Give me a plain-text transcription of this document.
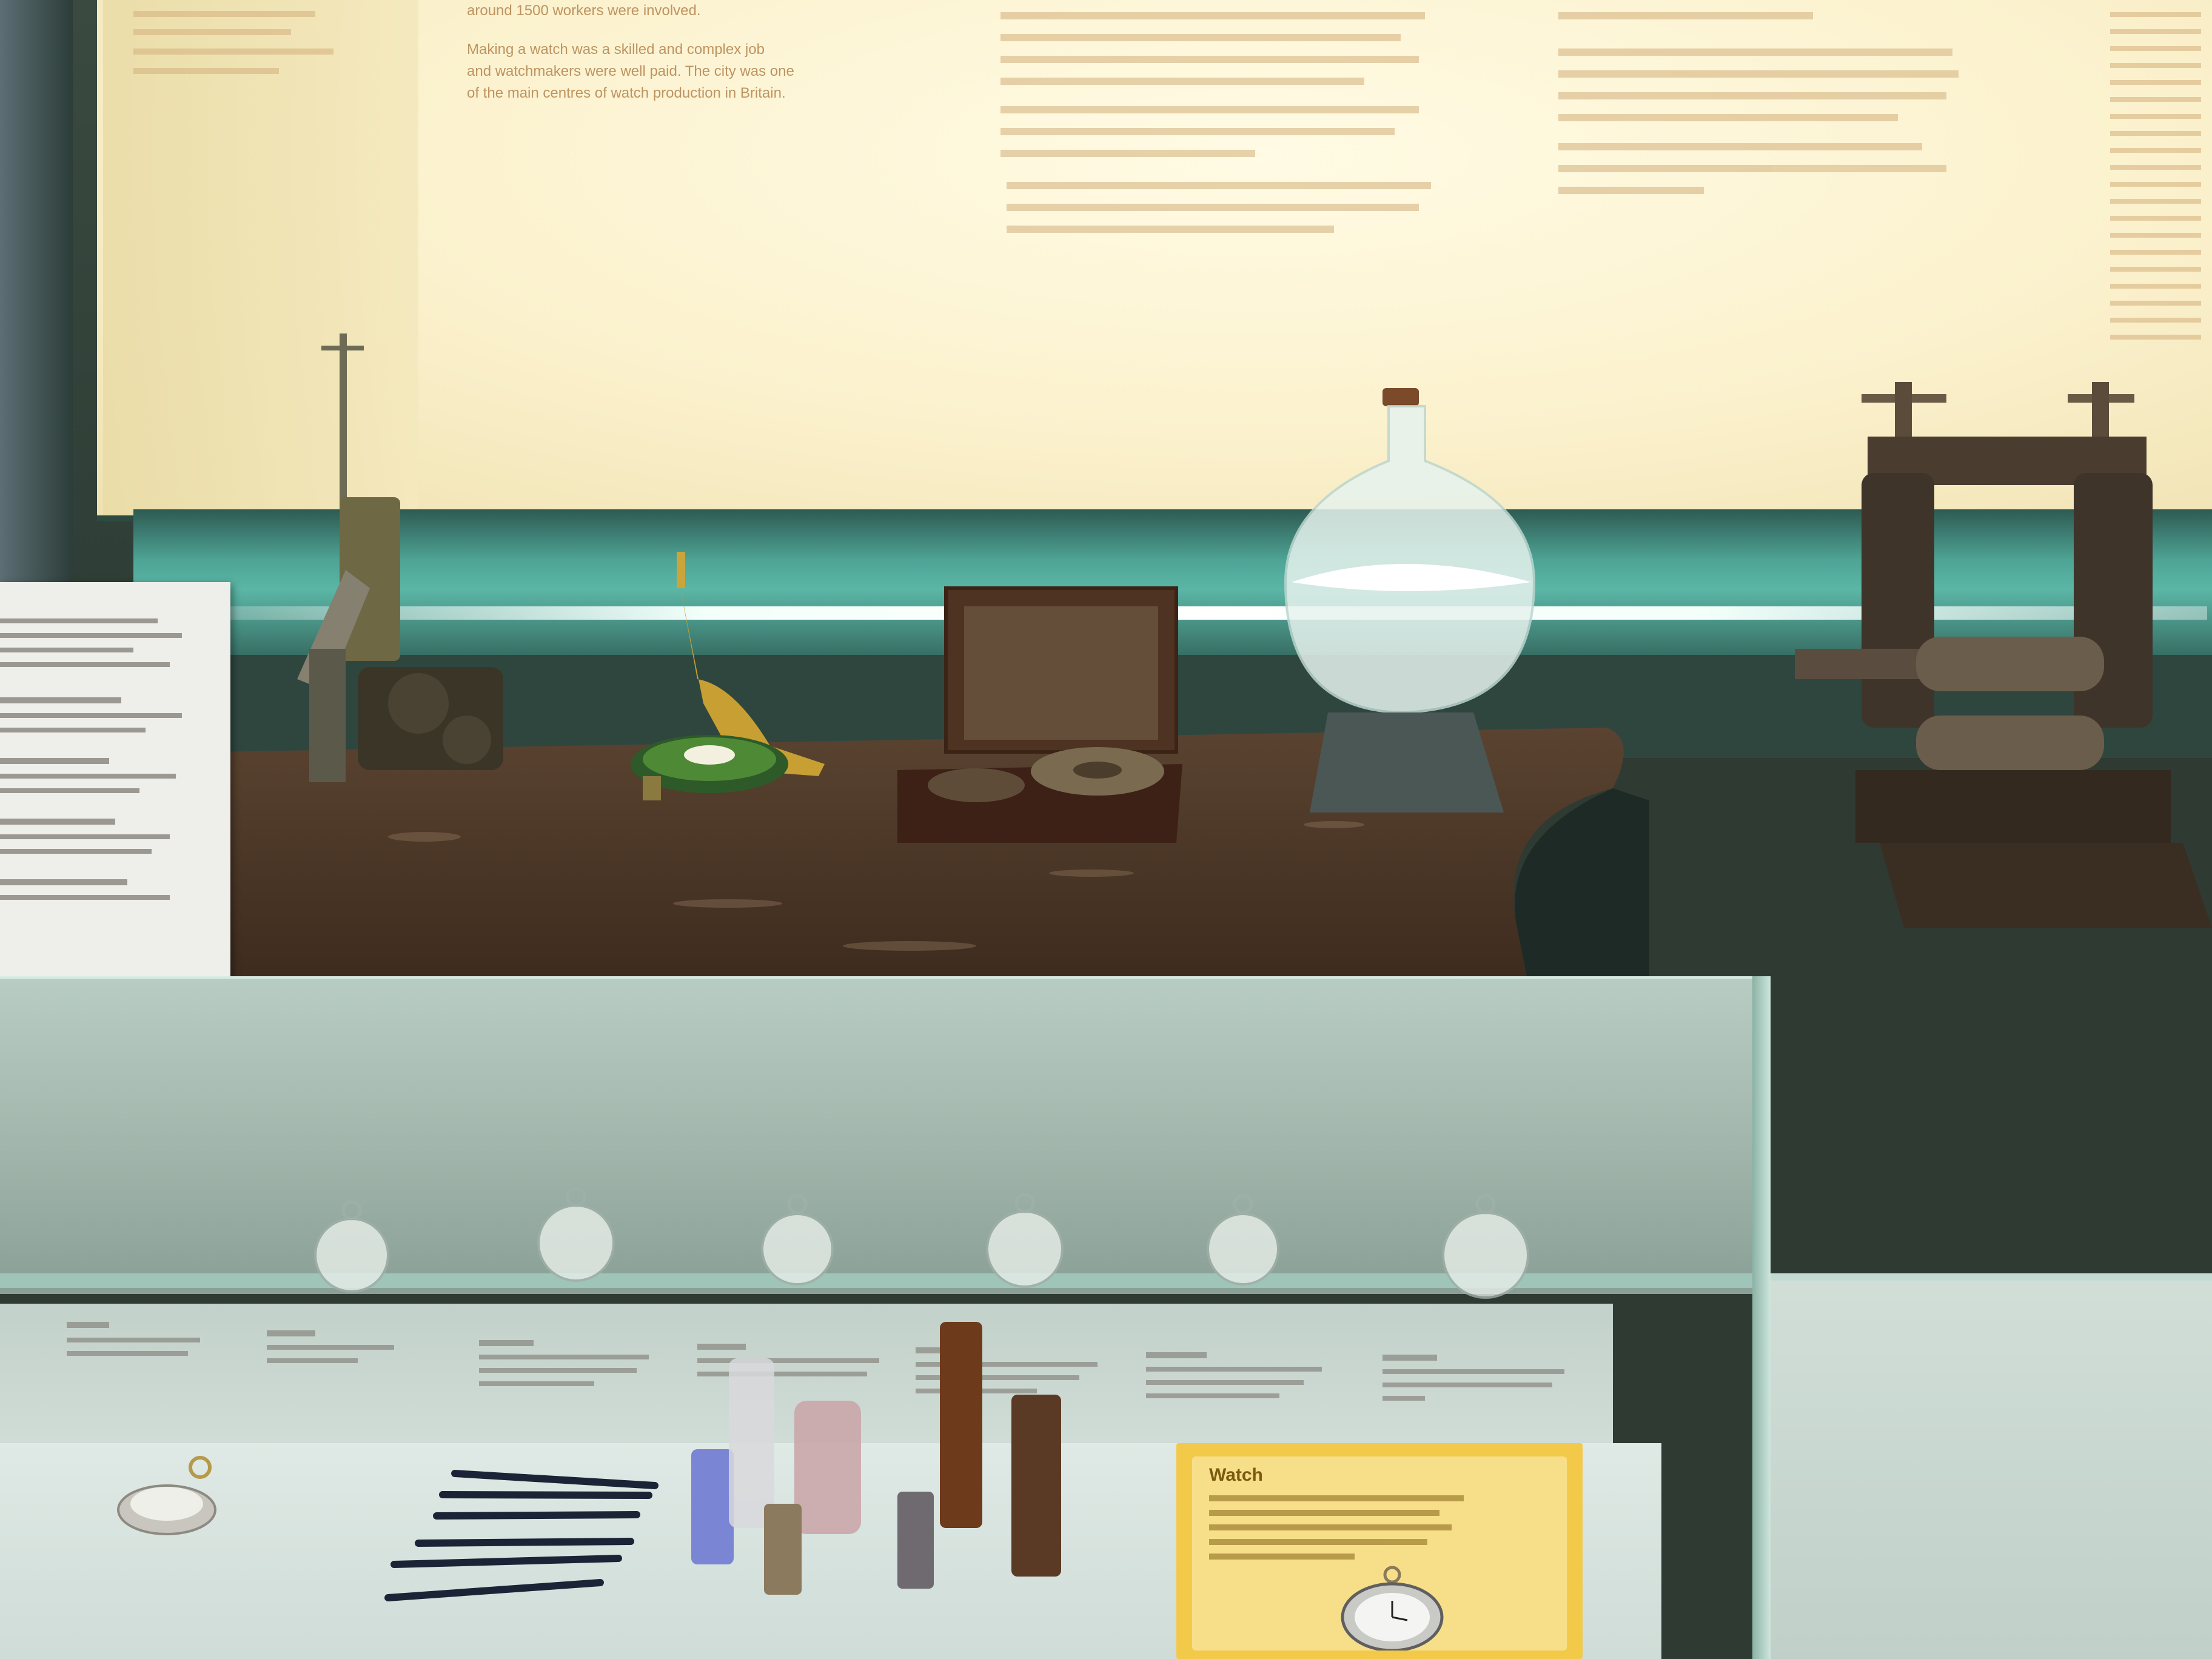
around 1500 workers were involved.
Making a watch was a skilled and complex job
and watchmakers were well paid. The city was one
of the main centres of watch production in Britain.
Watch
